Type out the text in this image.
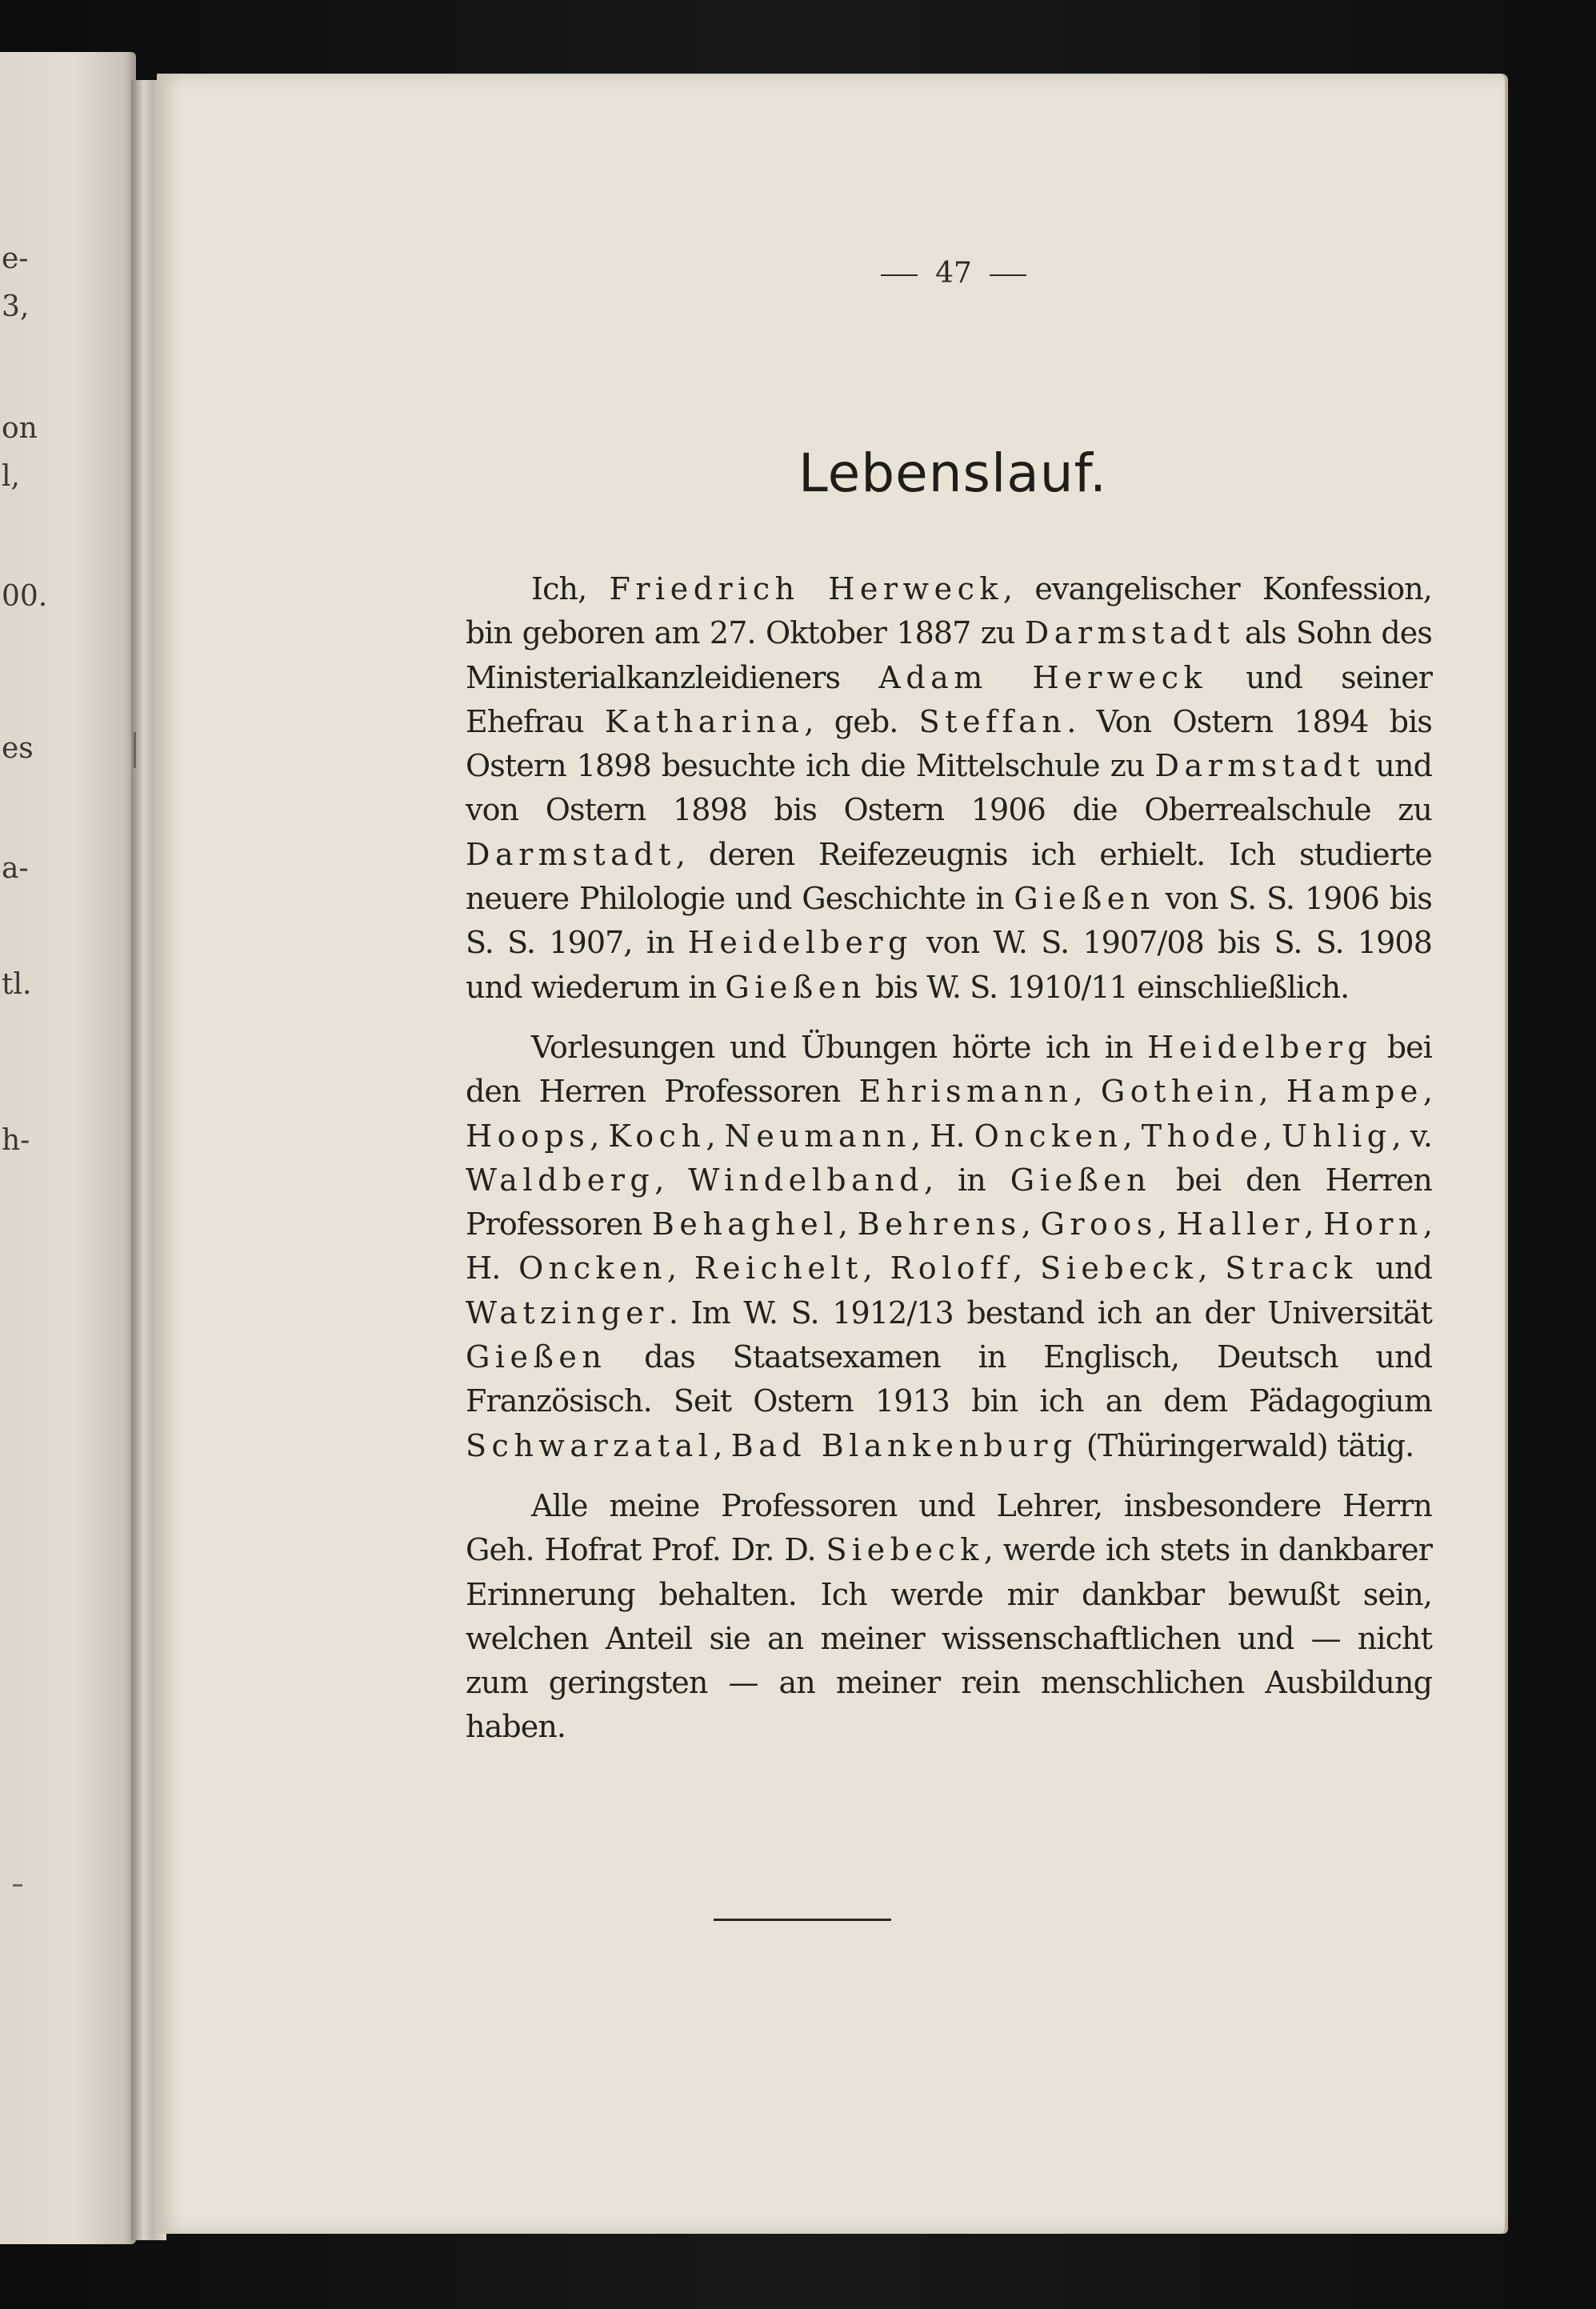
e-
3,
on
l,
00.
es
a-
tl.
h-
47
Lebenslauf.

Ich, Friedrich Herweck, evangelischer Konfession, bin geboren am 27. Oktober 1887 zu Darmstadt als Sohn des Ministerialkanzleidieners Adam Herweck und seiner Ehefrau Katharina, geb. Steffan. Von Ostern 1894 bis Ostern 1898 besuchte ich die Mittelschule zu Darmstadt und von Ostern 1898 bis Ostern 1906 die Oberrealschule zu Darmstadt, deren Reifezeugnis ich erhielt. Ich studierte neuere Philologie und Geschichte in Gießen von S. S. 1906 bis S. S. 1907, in Heidelberg von W. S. 1907/08 bis S. S. 1908 und wiederum in Gießen bis W. S. 1910/11 einschließlich.

Vorlesungen und Übungen hörte ich in Heidelberg bei den Herren Professoren Ehrismann, Gothein, Hampe, Hoops, Koch, Neumann, H. Oncken, Thode, Uhlig, v. Waldberg, Windelband, in Gießen bei den Herren Professoren Behaghel, Behrens, Groos, Haller, Horn, H. Oncken, Reichelt, Roloff, Siebeck, Strack und Watzinger. Im W. S. 1912/13 bestand ich an der Universität Gießen das Staatsexamen in Englisch, Deutsch und Französisch. Seit Ostern 1913 bin ich an dem Pädagogium Schwarzatal, Bad Blankenburg (Thüringerwald) tätig.

Alle meine Professoren und Lehrer, insbesondere Herrn Geh. Hofrat Prof. Dr. D. Siebeck, werde ich stets in dankbarer Erinnerung behalten. Ich werde mir dankbar bewußt sein, welchen Anteil sie an meiner wissenschaftlichen und — nicht zum geringsten — an meiner rein menschlichen Ausbildung haben.
